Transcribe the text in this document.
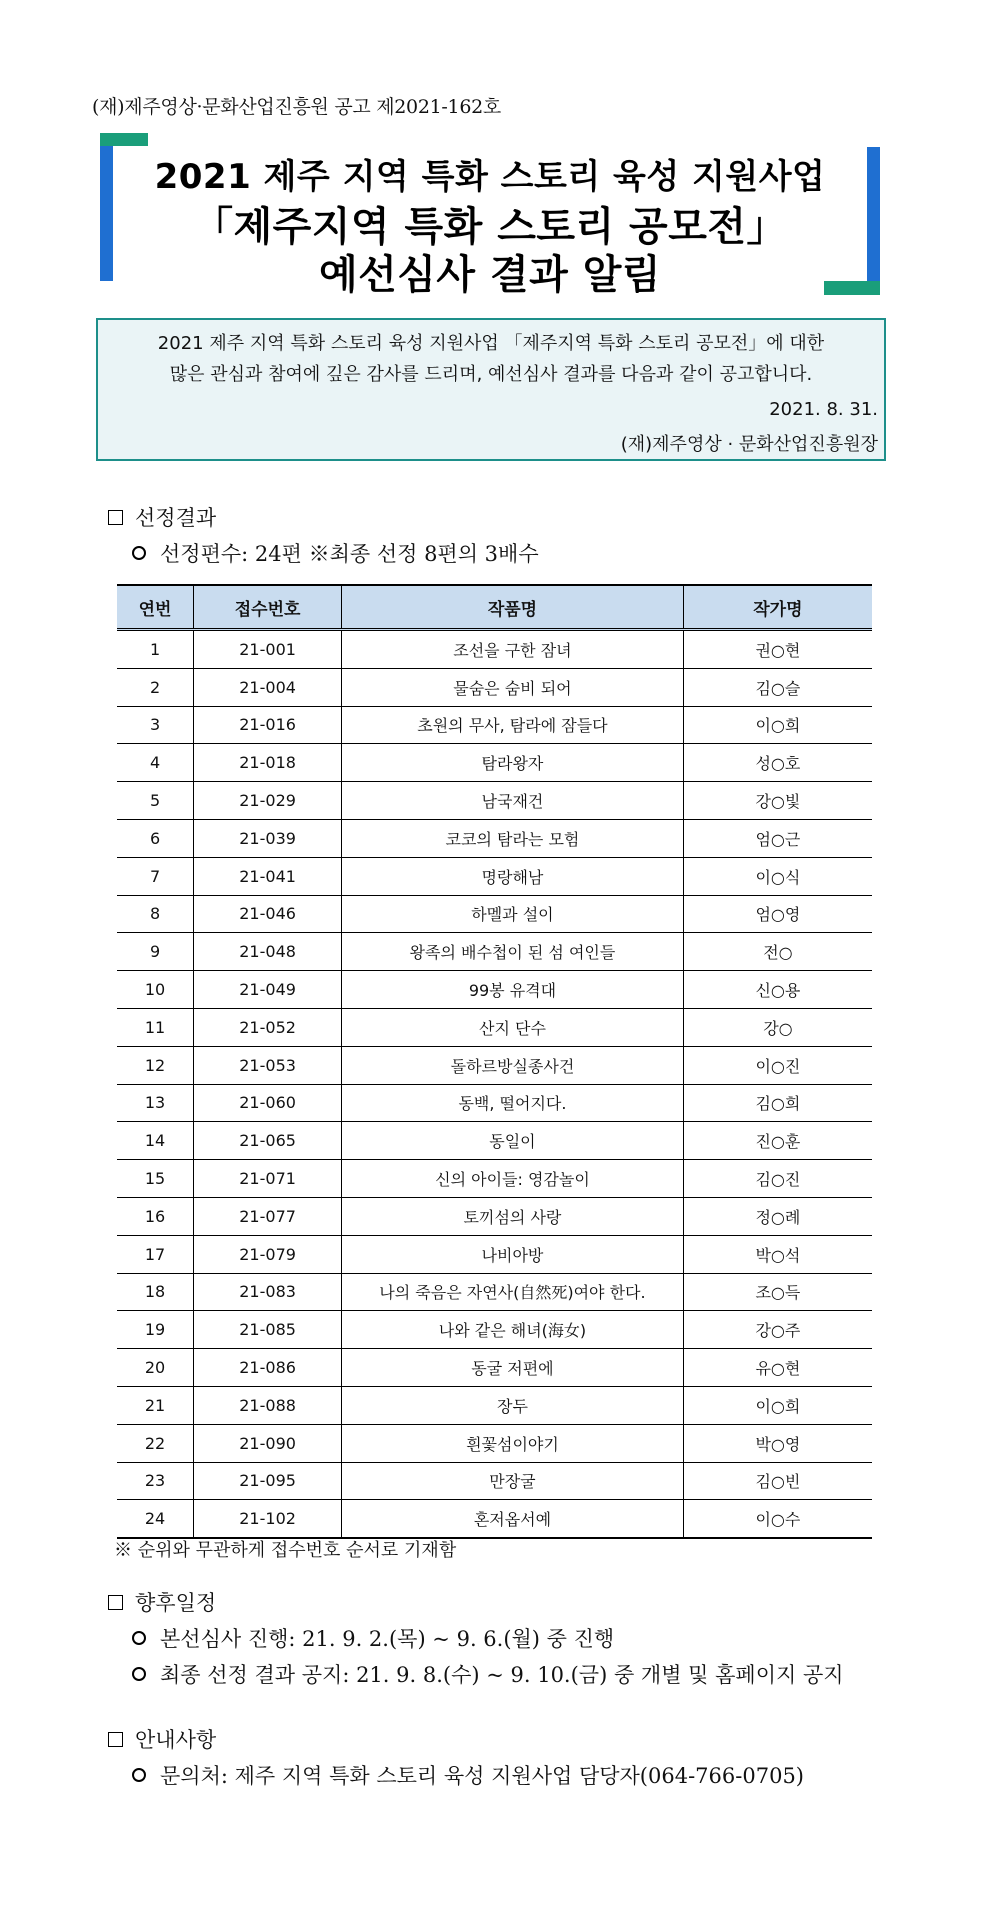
(재)제주영상·문화산업진흥원 공고 제2021-162호
2021 제주 지역 특화 스토리 육성 지원사업
「제주지역 특화 스토리 공모전」
예선심사 결과 알림
2021 제주 지역 특화 스토리 육성 지원사업 「제주지역 특화 스토리 공모전」에 대한
많은 관심과 참여에 깊은 감사를 드리며, 예선심사 결과를 다음과 같이 공고합니다.
2021. 8. 31.
(재)제주영상 · 문화산업진흥원장
선정결과
선정편수: 24편 ※최종 선정 8편의 3배수
연번	접수번호	작품명	작가명
1	21-001	조선을 구한 잠녀	권○현
2	21-004	물숨은 숨비 되어	김○슬
3	21-016	초원의 무사, 탐라에 잠들다	이○희
4	21-018	탐라왕자	성○호
5	21-029	남국재건	강○빛
6	21-039	코코의 탐라는 모험	엄○근
7	21-041	명랑해남	이○식
8	21-046	하멜과 설이	엄○영
9	21-048	왕족의 배수첩이 된 섬 여인들	전○
10	21-049	99봉 유격대	신○용
11	21-052	산지 단수	강○
12	21-053	돌하르방실종사건	이○진
13	21-060	동백, 떨어지다.	김○희
14	21-065	동일이	진○훈
15	21-071	신의 아이들: 영감놀이	김○진
16	21-077	토끼섬의 사랑	정○례
17	21-079	나비아방	박○석
18	21-083	나의 죽음은 자연사(自然死)여야 한다.	조○득
19	21-085	나와 같은 해녀(海女)	강○주
20	21-086	동굴 저편에	유○현
21	21-088	장두	이○희
22	21-090	흰꽃섬이야기	박○영
23	21-095	만장굴	김○빈
24	21-102	혼저옵서예	이○수
※ 순위와 무관하게 접수번호 순서로 기재함
향후일정
본선심사 진행: 21. 9. 2.(목) ~ 9. 6.(월) 중 진행
최종 선정 결과 공지: 21. 9. 8.(수) ~ 9. 10.(금) 중 개별 및 홈페이지 공지
안내사항
문의처: 제주 지역 특화 스토리 육성 지원사업 담당자(064-766-0705)
